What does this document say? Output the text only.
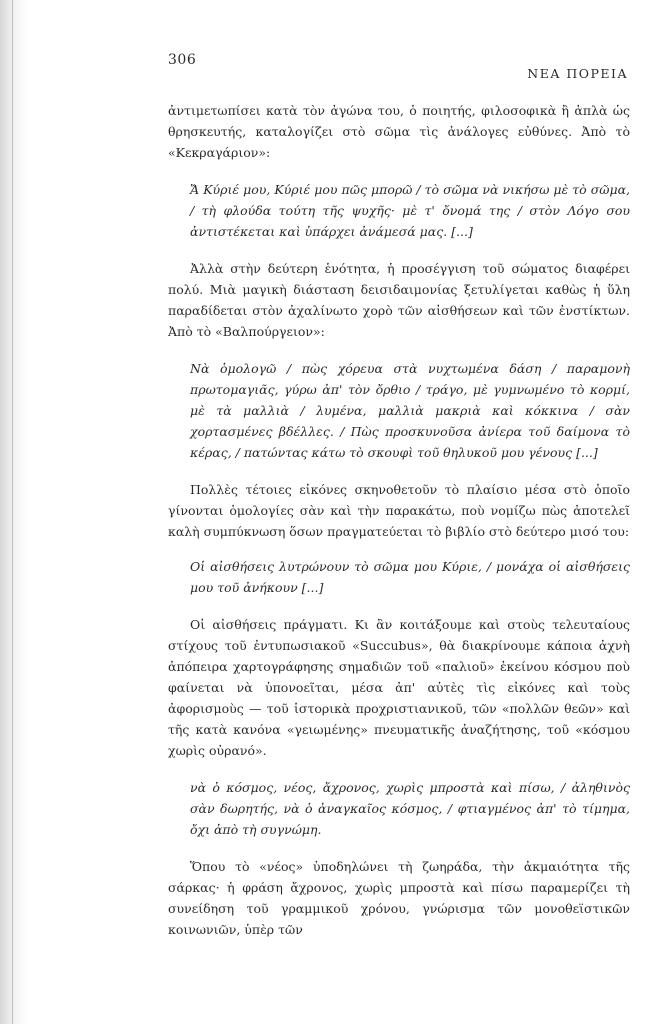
306
ΝΕΑ ΠΟΡΕΙΑ

ἀντιμετωπίσει κατὰ τὸν ἀγώνα του, ὁ ποιητής, φιλοσοφικὰ ἢ ἁπλὰ ὡς θρησκευτής, καταλογίζει στὸ σῶμα τὶς ἀνάλογες εὐθύνες. Ἀπὸ τὸ «Κεκραγάριον»:

Ἄ Κύριέ μου, Κύριέ μου πῶς μπορῶ / τὸ σῶμα νὰ νικήσω μὲ τὸ σῶμα, / τὴ φλούδα τούτη τῆς ψυχῆς· μὲ τ' ὄνομά της / στὸν Λόγο σου ἀντιστέκεται καὶ ὑπάρχει ἀνάμεσά μας. [...]

Ἀλλὰ στὴν δεύτερη ἑνότητα, ἡ προσέγγιση τοῦ σώματος διαφέρει πολύ. Μιὰ μαγικὴ διάσταση δεισιδαιμονίας ξετυλίγεται καθὼς ἡ ὕλη παραδίδεται στὸν ἀχαλίνωτο χορὸ τῶν αἰσθήσεων καὶ τῶν ἐνστίκτων. Ἀπὸ τὸ «Βαλπούργειον»:

Νὰ ὁμολογῶ / πὼς χόρευα στὰ νυχτωμένα δάση / παραμονὴ πρωτομαγιᾶς, γύρω ἀπ' τὸν ὄρθιο / τράγο, μὲ γυμνωμένο τὸ κορμί, μὲ τὰ μαλλιὰ / λυμένα, μαλλιὰ μακριὰ καὶ κόκκινα / σὰν χορτασμένες βδέλλες. / Πὼς προσκυνοῦσα ἀνίερα τοῦ δαίμονα τὸ κέρας, / πατώντας κάτω τὸ σκουφὶ τοῦ θηλυκοῦ μου γένους [...]

Πολλὲς τέτοιες εἰκόνες σκηνοθετοῦν τὸ πλαίσιο μέσα στὸ ὁποῖο γίνονται ὁμολογίες σὰν καὶ τὴν παρακάτω, ποὺ νομίζω πὼς ἀποτελεῖ καλὴ συμπύκνωση ὅσων πραγματεύεται τὸ βιβλίο στὸ δεύτερο μισό του:

Οἱ αἰσθήσεις λυτρώνουν τὸ σῶμα μου Κύριε, / μονάχα οἱ αἰσθήσεις μου τοῦ ἀνήκουν [...]

Οἱ αἰσθήσεις πράγματι. Κι ἂν κοιτάξουμε καὶ στοὺς τελευταίους στίχους τοῦ ἐντυπωσιακοῦ «Succubus», θὰ διακρίνουμε κάποια ἀχνὴ ἀπόπειρα χαρτογράφησης σημαδιῶν τοῦ «παλιοῦ» ἐκείνου κόσμου ποὺ φαίνεται νὰ ὑπονοεῖται, μέσα ἀπ' αὐτὲς τὶς εἰκόνες καὶ τοὺς ἀφορισμοὺς — τοῦ ἱστορικὰ προχριστιανικοῦ, τῶν «πολλῶν θεῶν» καὶ τῆς κατὰ κανόνα «γειωμένης» πνευματικῆς ἀναζήτησης, τοῦ «κόσμου χωρὶς οὐρανό».

νὰ ὁ κόσμος, νέος, ἄχρονος, χωρὶς μπροστὰ καὶ πίσω, / ἀληθινὸς σὰν δωρητής, νὰ ὁ ἀναγκαῖος κόσμος, / φτιαγμένος ἀπ' τὸ τίμημα, ὄχι ἀπὸ τὴ συγνώμη.

Ὅπου τὸ «νέος» ὑποδηλώνει τὴ ζωηράδα, τὴν ἀκμαιότητα τῆς σάρκας· ἡ φράση ἄχρονος, χωρὶς μπροστὰ καὶ πίσω παραμερίζει τὴ συνείδηση τοῦ γραμμικοῦ χρόνου, γνώρισμα τῶν μονοθεϊστικῶν κοινωνιῶν, ὑπὲρ τῶν
